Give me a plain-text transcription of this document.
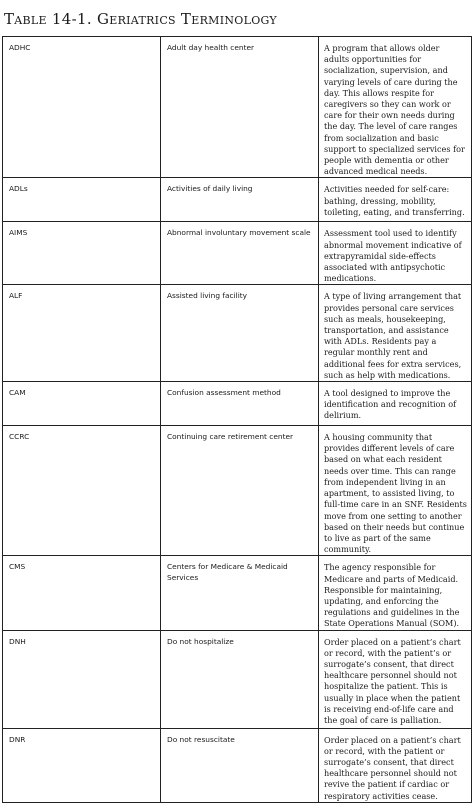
Table 14-1. Geriatrics Terminology
ADHC	Adult day health center	A program that allows older adults opportunities for socialization, supervision, and varying levels of care during the day. This allows respite for caregivers so they can work or care for their own needs during the day. The level of care ranges from socialization and basic support to specialized services for people with dementia or other advanced medical needs.
ADLs	Activities of daily living	Activities needed for self-care: bathing, dressing, mobility, toileting, eating, and transferring.
AIMS	Abnormal involuntary movement scale	Assessment tool used to identify abnormal movement indicative of extrapyramidal side-effects associated with antipsychotic medications.
ALF	Assisted living facility	A type of living arrangement that provides personal care services such as meals, housekeeping, transportation, and assistance with ADLs. Residents pay a regular monthly rent and additional fees for extra services, such as help with medications.
CAM	Confusion assessment method	A tool designed to improve the identification and recognition of delirium.
CCRC	Continuing care retirement center	A housing community that provides different levels of care based on what each resident needs over time. This can range from independent living in an apartment, to assisted living, to full-time care in an SNF. Residents move from one setting to another based on their needs but continue to live as part of the same community.
CMS	Centers for Medicare & Medicaid Services	The agency responsible for Medicare and parts of Medicaid. Responsible for maintaining, updating, and enforcing the regulations and guidelines in the State Operations Manual (SOM).
DNH	Do not hospitalize	Order placed on a patient’s chart or record, with the patient’s or surrogate’s consent, that direct healthcare personnel should not hospitalize the patient. This is usually in place when the patient is receiving end-of-life care and the goal of care is palliation.
DNR	Do not resuscitate	Order placed on a patient’s chart or record, with the patient or surrogate’s consent, that direct healthcare personnel should not revive the patient if cardiac or respiratory activities cease.
